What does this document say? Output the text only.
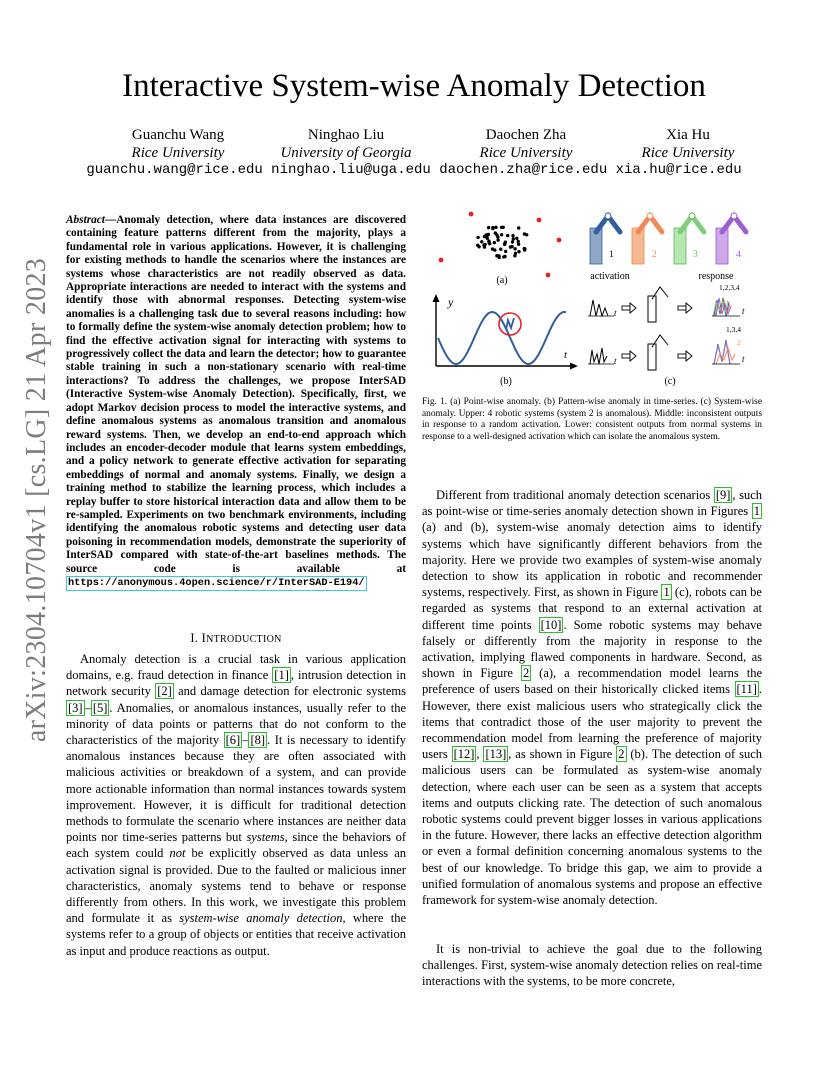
arXiv:2304.10704v1 [cs.LG] 21 Apr 2023
Interactive System-wise Anomaly Detection
Guanchu Wang
Rice University
Ninghao Liu
University of Georgia
Daochen Zha
Rice University
Xia Hu
Rice University
guanchu.wang@rice.edu ninghao.liu@uga.edu daochen.zha@rice.edu xia.hu@rice.edu
Abstract—Anomaly detection, where data instances are discovered containing feature patterns different from the majority, plays a fundamental role in various applications. However, it is challenging for existing methods to handle the scenarios where the instances are systems whose characteristics are not readily observed as data. Appropriate interactions are needed to interact with the systems and identify those with abnormal responses. Detecting system-wise anomalies is a challenging task due to several reasons including: how to formally define the system-wise anomaly detection problem; how to find the effective activation signal for interacting with systems to progressively collect the data and learn the detector; how to guarantee stable training in such a non-stationary scenario with real-time interactions? To address the challenges, we propose InterSAD (Interactive System-wise Anomaly Detection). Specifically, first, we adopt Markov decision process to model the interactive systems, and define anomalous systems as anomalous transition and anomalous reward systems. Then, we develop an end-to-end approach which includes an encoder-decoder module that learns system embeddings, and a policy network to generate effective activation for separating embeddings of normal and anomaly systems. Finally, we design a training method to stabilize the learning process, which includes a replay buffer to store historical interaction data and allow them to be re-sampled. Experiments on two benchmark environments, including identifying the anomalous robotic systems and detecting user data poisoning in recommendation models, demonstrate the superiority of InterSAD compared with state-of-the-art baselines methods. The source code is available at https://anonymous.4open.science/r/InterSAD-E194/
I. INTRODUCTION
Anomaly detection is a crucial task in various application domains, e.g. fraud detection in finance [1] , intrusion detection in network security [2] and damage detection for electronic systems [3] – [5] . Anomalies, or anomalous instances, usually refer to the minority of data points or patterns that do not conform to the characteristics of the majority [6] – [8] . It is necessary to identify anomalous instances because they are often associated with malicious activities or breakdown of a system, and can provide more actionable information than normal instances towards system improvement. However, it is difficult for traditional detection methods to formulate the scenario where instances are neither data points nor time-series patterns but systems, since the behaviors of each system could not be explicitly observed as data unless an activation signal is provided. Due to the faulted or malicious inner characteristics, anomaly systems tend to behave or response differently from others. In this work, we investigate this problem and formulate it as system-wise anomaly detection, where the systems refer to a group of objects or entities that receive activation as input and produce reactions as output.
Different from traditional anomaly detection scenarios [9] , such as point-wise or time-series anomaly detection shown in Figures 1 (a) and (b), system-wise anomaly detection aims to identify systems which have significantly different behaviors from the majority. Here we provide two examples of system-wise anomaly detection to show its application in robotic and recommender systems, respectively. First, as shown in Figure 1 (c), robots can be regarded as systems that respond to an external activation at different time points [10] . Some robotic systems may behave falsely or differently from the majority in response to the activation, implying flawed components in hardware. Second, as shown in Figure 2 (a), a recommendation model learns the preference of users based on their historically clicked items [11] . However, there exist malicious users who strategically click the items that contradict those of the user majority to prevent the recommendation model from learning the preference of majority users [12] , [13] , as shown in Figure 2 (b). The detection of such malicious users can be formulated as system-wise anomaly detection, where each user can be seen as a system that accepts items and outputs clicking rate. The detection of such anomalous robotic systems could prevent bigger losses in various applications in the future. However, there lacks an effective detection algorithm or even a formal definition concerning anomalous systems to the best of our knowledge. To bridge this gap, we aim to provide a unified formulation of anomalous systems and propose an effective framework for system-wise anomaly detection.
It is non-trivial to achieve the goal due to the following challenges. First, system-wise anomaly detection relies on real-time interactions with the systems, to be more concrete,
(a)
y
t
(b)
1	2	3	4
activation	response
t
1,2,3,4
t
t
1,3,4
2
t
(c)
Fig. 1. (a) Point-wise anomaly. (b) Pattern-wise anomaly in time-series. (c) System-wise anomaly. Upper: 4 robotic systems (system 2 is anomalous). Middle: inconsistent outputs in response to a random activation. Lower: consistent outputs from normal systems in response to a well-designed activation which can isolate the anomalous system.
